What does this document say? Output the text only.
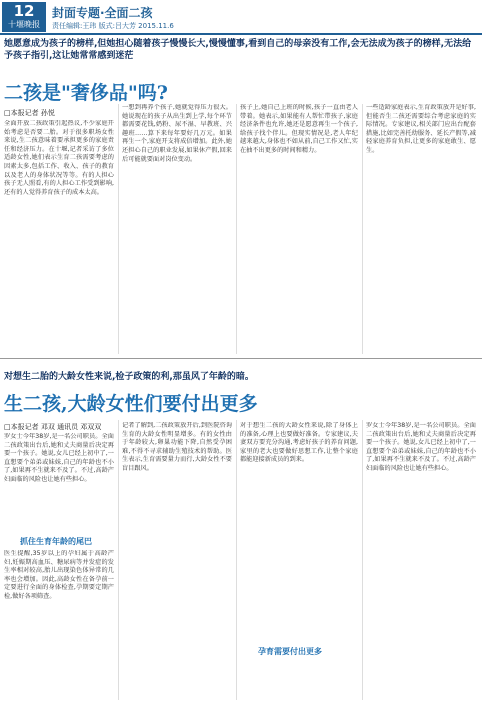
12
十堰晚报
封面专题·全面二孩
责任编辑:王玮 版式:吕大芳 2015.11.6
她愿意成为孩子的榜样,但她担心随着孩子慢慢长大,慢慢懂事,看到自己的母亲没有工作,会无法成为孩子的榜样,无法给予孩子指引,这让她常常感到迷茫
二孩是"奢侈品"吗?
□本报记者 孙悦
全面开放二孩政策引起热议,不少家庭开始考虑是否要二胎。对于很多职场女性来说,生二孩意味着要承担更多的家庭责任和经济压力。在十堰,记者采访了多位适龄女性,她们表示生育二孩需要考虑的因素太多,包括工作、收入、孩子的教育以及老人的身体状况等等。有的人担心孩子无人照看,有的人担心工作受到影响,还有的人觉得养育孩子的成本太高。
一想到再养个孩子,她就觉得压力很大。她说现在的孩子从出生到上学,每个环节都需要花钱,奶粉、尿不湿、早教班、兴趣班……算下来每年要好几万元。如果再生一个,家庭开支将成倍增加。此外,她还担心自己的职业发展,如果休产假,回来后可能就要面对岗位变动。
孩子上,她自己上班的时候,孩子一直由老人带着。她表示,如果能有人帮忙带孩子,家庭经济条件也允许,她还是愿意再生一个孩子,给孩子找个伴儿。但现实情况是,老人年纪越来越大,身体也不如从前,自己工作又忙,实在抽不出更多的时间和精力。
一些适龄家庭表示,生育政策放开是好事,但能否生二孩还需要综合考虑家庭的实际情况。专家建议,相关部门应出台配套措施,比如完善托幼服务、延长产假等,减轻家庭养育负担,让更多的家庭敢生、愿生。
对想生二胎的大龄女性来说,检子政策的利,那虽风了年龄的暗。
生二孩,大龄女性们要付出更多
□本报记者 邓双 通讯员 邓双双
罗女士今年38岁,是一名公司职员。全面二孩政策出台后,她和丈夫商量后决定再要一个孩子。她说,女儿已经上初中了,一直想要个弟弟或妹妹,自己的年龄也不小了,如果再不生就来不及了。不过,高龄产妇面临的风险也让她有些担心。
抓住生育年龄的尾巴
医生提醒,35岁以上的孕妇属于高龄产妇,妊娠期高血压、糖尿病等并发症的发生率相对较高,胎儿出现染色体异常的几率也会增加。因此,高龄女性在备孕前一定要进行全面的身体检查,孕期要定期产检,做好各项筛查。
记者了解到,二孩政策放开后,到医院咨询生育的大龄女性明显增多。有的女性由于年龄较大,卵巢功能下降,自然受孕困难,不得不寻求辅助生殖技术的帮助。医生表示,生育需要量力而行,大龄女性不要盲目跟风。
对于想生二孩的大龄女性来说,除了身体上的准备,心理上也要做好准备。专家建议,夫妻双方要充分沟通,考虑好孩子的养育问题,家里的老大也要做好思想工作,让整个家庭都能迎接新成员的到来。
孕育需要付出更多
罗女士今年38岁,是一名公司职员。全面二孩政策出台后,她和丈夫商量后决定再要一个孩子。她说,女儿已经上初中了,一直想要个弟弟或妹妹,自己的年龄也不小了,如果再不生就来不及了。不过,高龄产妇面临的风险也让她有些担心。
